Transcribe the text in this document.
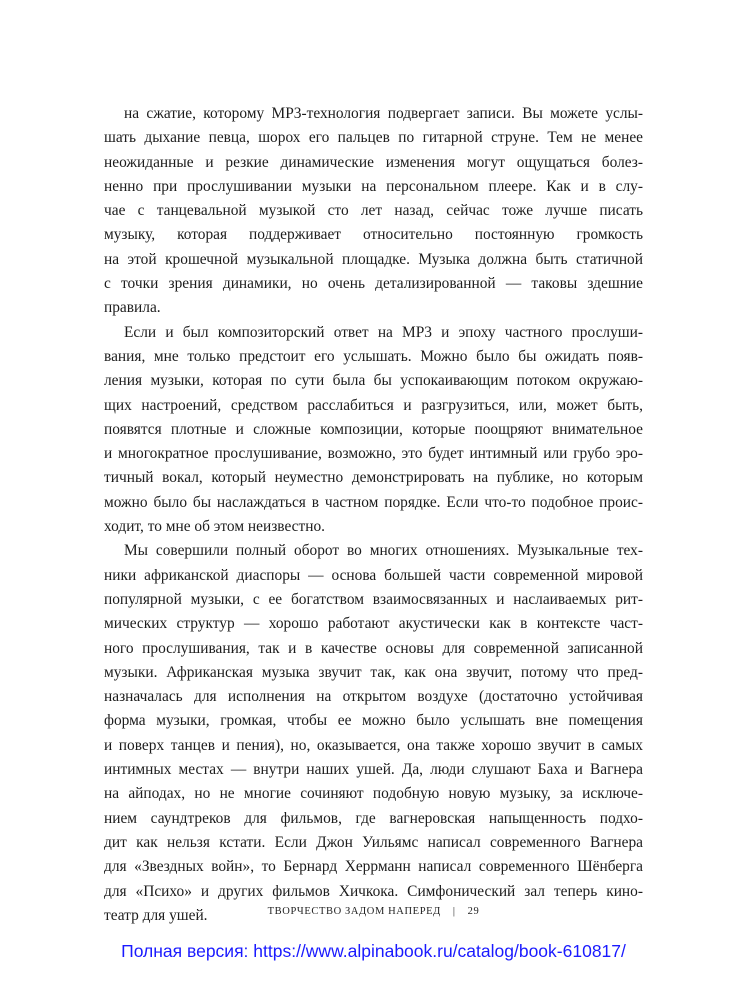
на сжатие, которому MP3-технология подвергает записи. Вы можете услы-
шать дыхание певца, шорох его пальцев по гитарной струне. Тем не менее
неожиданные и резкие динамические изменения могут ощущаться болез-
ненно при прослушивании музыки на персональном плеере. Как и в слу-
чае с танцевальной музыкой сто лет назад, сейчас тоже лучше писать
музыку, которая поддерживает относительно постоянную громкость
на этой крошечной музыкальной площадке. Музыка должна быть статичной
с точки зрения динамики, но очень детализированной — таковы здешние
правила.
Если и был композиторский ответ на MP3 и эпоху частного прослуши-
вания, мне только предстоит его услышать. Можно было бы ожидать появ-
ления музыки, которая по сути была бы успокаивающим потоком окружаю-
щих настроений, средством расслабиться и разгрузиться, или, может быть,
появятся плотные и сложные композиции, которые поощряют внимательное
и многократное прослушивание, возможно, это будет интимный или грубо эро-
тичный вокал, который неуместно демонстрировать на публике, но которым
можно было бы наслаждаться в частном порядке. Если что-то подобное проис-
ходит, то мне об этом неизвестно.
Мы совершили полный оборот во многих отношениях. Музыкальные тех-
ники африканской диаспоры — основа большей части современной мировой
популярной музыки, с ее богатством взаимосвязанных и наслаиваемых рит-
мических структур — хорошо работают акустически как в контексте част-
ного прослушивания, так и в качестве основы для современной записанной
музыки. Африканская музыка звучит так, как она звучит, потому что пред-
назначалась для исполнения на открытом воздухе (достаточно устойчивая
форма музыки, громкая, чтобы ее можно было услышать вне помещения
и поверх танцев и пения), но, оказывается, она также хорошо звучит в самых
интимных местах — внутри наших ушей. Да, люди слушают Баха и Вагнера
на айподах, но не многие сочиняют подобную новую музыку, за исключе-
нием саундтреков для фильмов, где вагнеровская напыщенность подхо-
дит как нельзя кстати. Если Джон Уильямс написал современного Вагнера
для «Звездных войн», то Бернард Херрманн написал современного Шёнберга
для «Психо» и других фильмов Хичкока. Симфонический зал теперь кино-
театр для ушей.	ТВОРЧЕСТВО ЗАДОМ НАПЕРЕД | 29
Полная версия: https://www.alpinabook.ru/catalog/book-610817/
